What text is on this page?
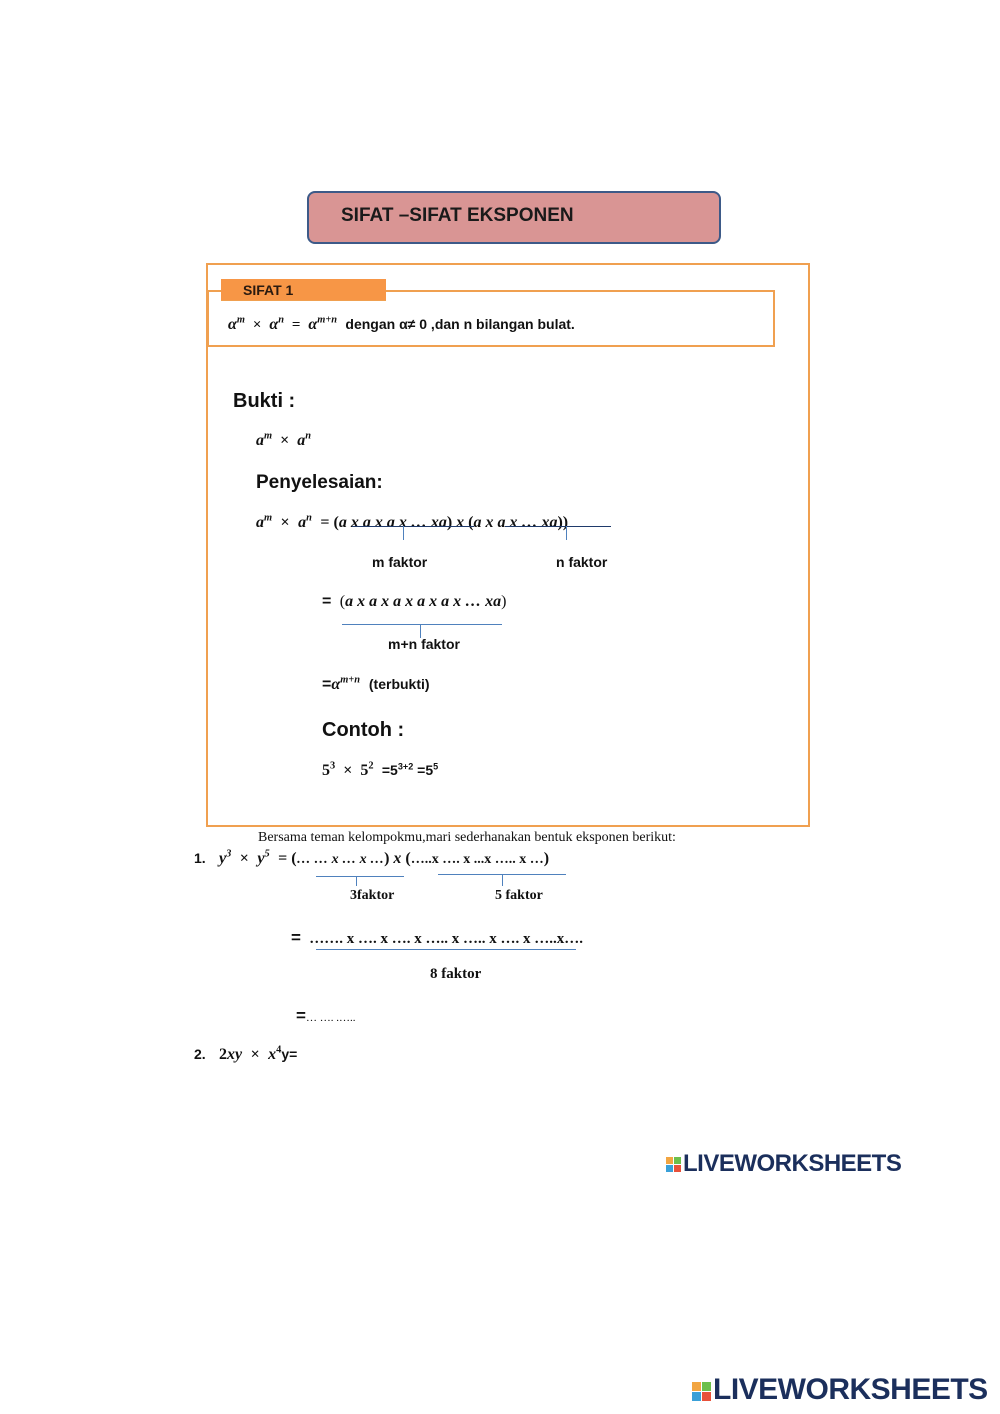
SIFAT –SIFAT EKSPONEN
SIFAT 1
$\alpha^m \times \alpha^n = \alpha^{m+n}$ dengan α≠ 0 ,dan n bilangan bulat.
Bukti :
$a^m \times a^n$
Penyelesaian:
$a^m \times a^n = (a$ x a x a x … xa) x (a x a x … xa))
m faktor	n faktor
=  (a x a x a x a x a x … xa)
m+n faktor
$=\alpha^{m+n}$ (terbukti)
Contoh :
$5^3 \times 5^2 =5^{3+2} =5^5$
Bersama teman kelompokmu,mari sederhanakan bentuk eksponen berikut:
1. $y^3 \times y^5$  = (… … x … x …) x (…..x …. x ...x ….. x …)
3faktor	5 faktor
= ……. x …. x …. x ….. x ….. x …. x …..x….
8 faktor
=… …. .…..
2. $2xy \times x^4y=$
LIVEWORKSHEETS
LIVEWORKSHEETS
